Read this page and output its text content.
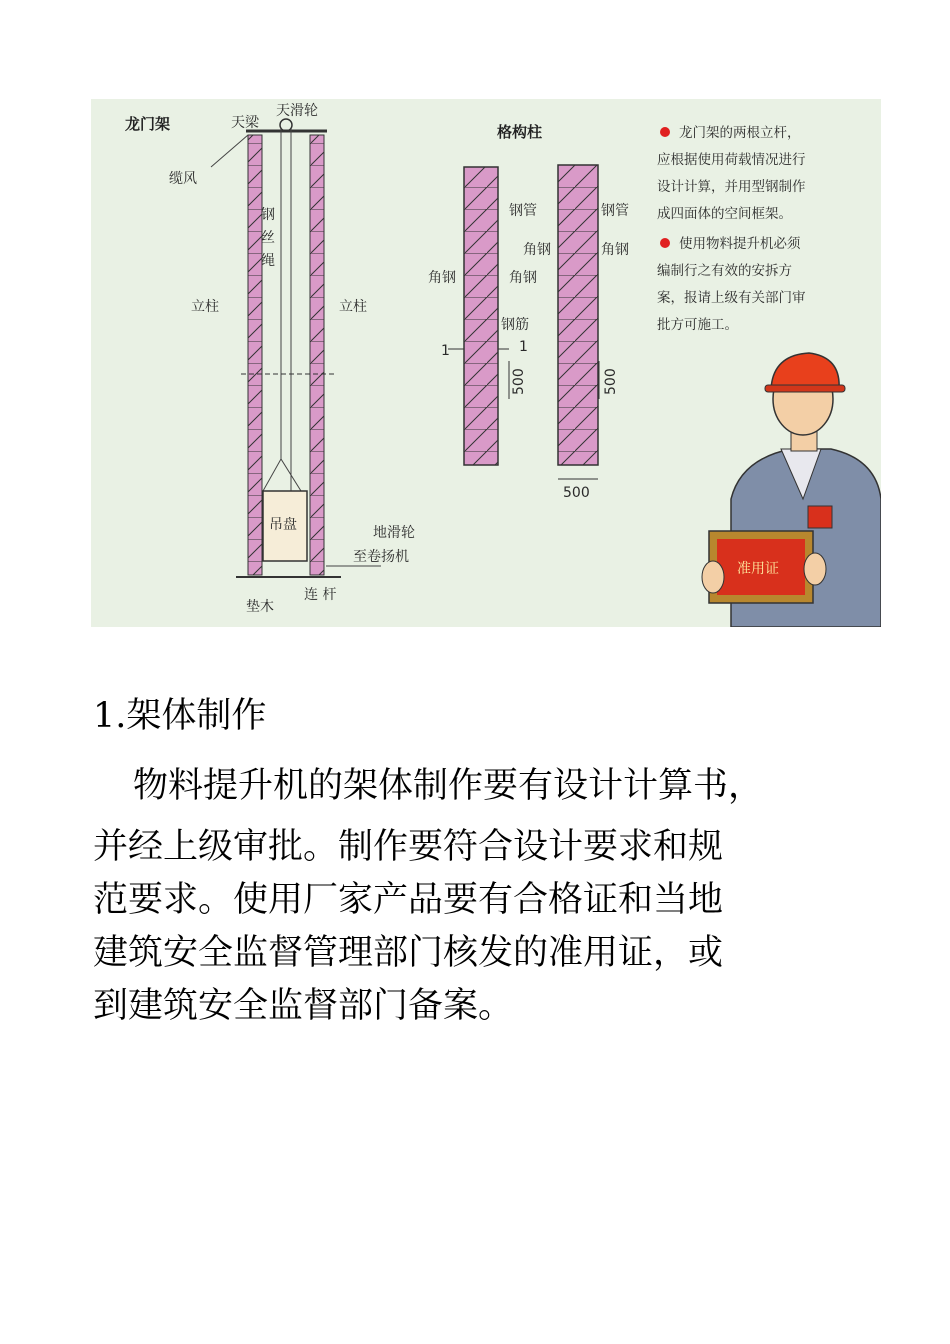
龙门架	天梁
天滑轮
缆风
钢
丝
绳
立柱	立柱
吊盘	地滑轮
至卷扬机
垫木
连 杆
格构柱
钢管	钢管
角钢	角钢
角钢	角钢
钢筋
1	1
500	500
500
龙门架的两根立杆，
应根据使用荷载情况进行
设计计算，并用型钢制作
成四面体的空间框架。
使用物料提升机必须
编制行之有效的安拆方
案，报请上级有关部门审
批方可施工。
准用证
1.架体制作
物料提升机的架体制作要有设计计算书，
并经上级审批。制作要符合设计要求和规
范要求。使用厂家产品要有合格证和当地
建筑安全监督管理部门核发的准用证，或
到建筑安全监督部门备案。
